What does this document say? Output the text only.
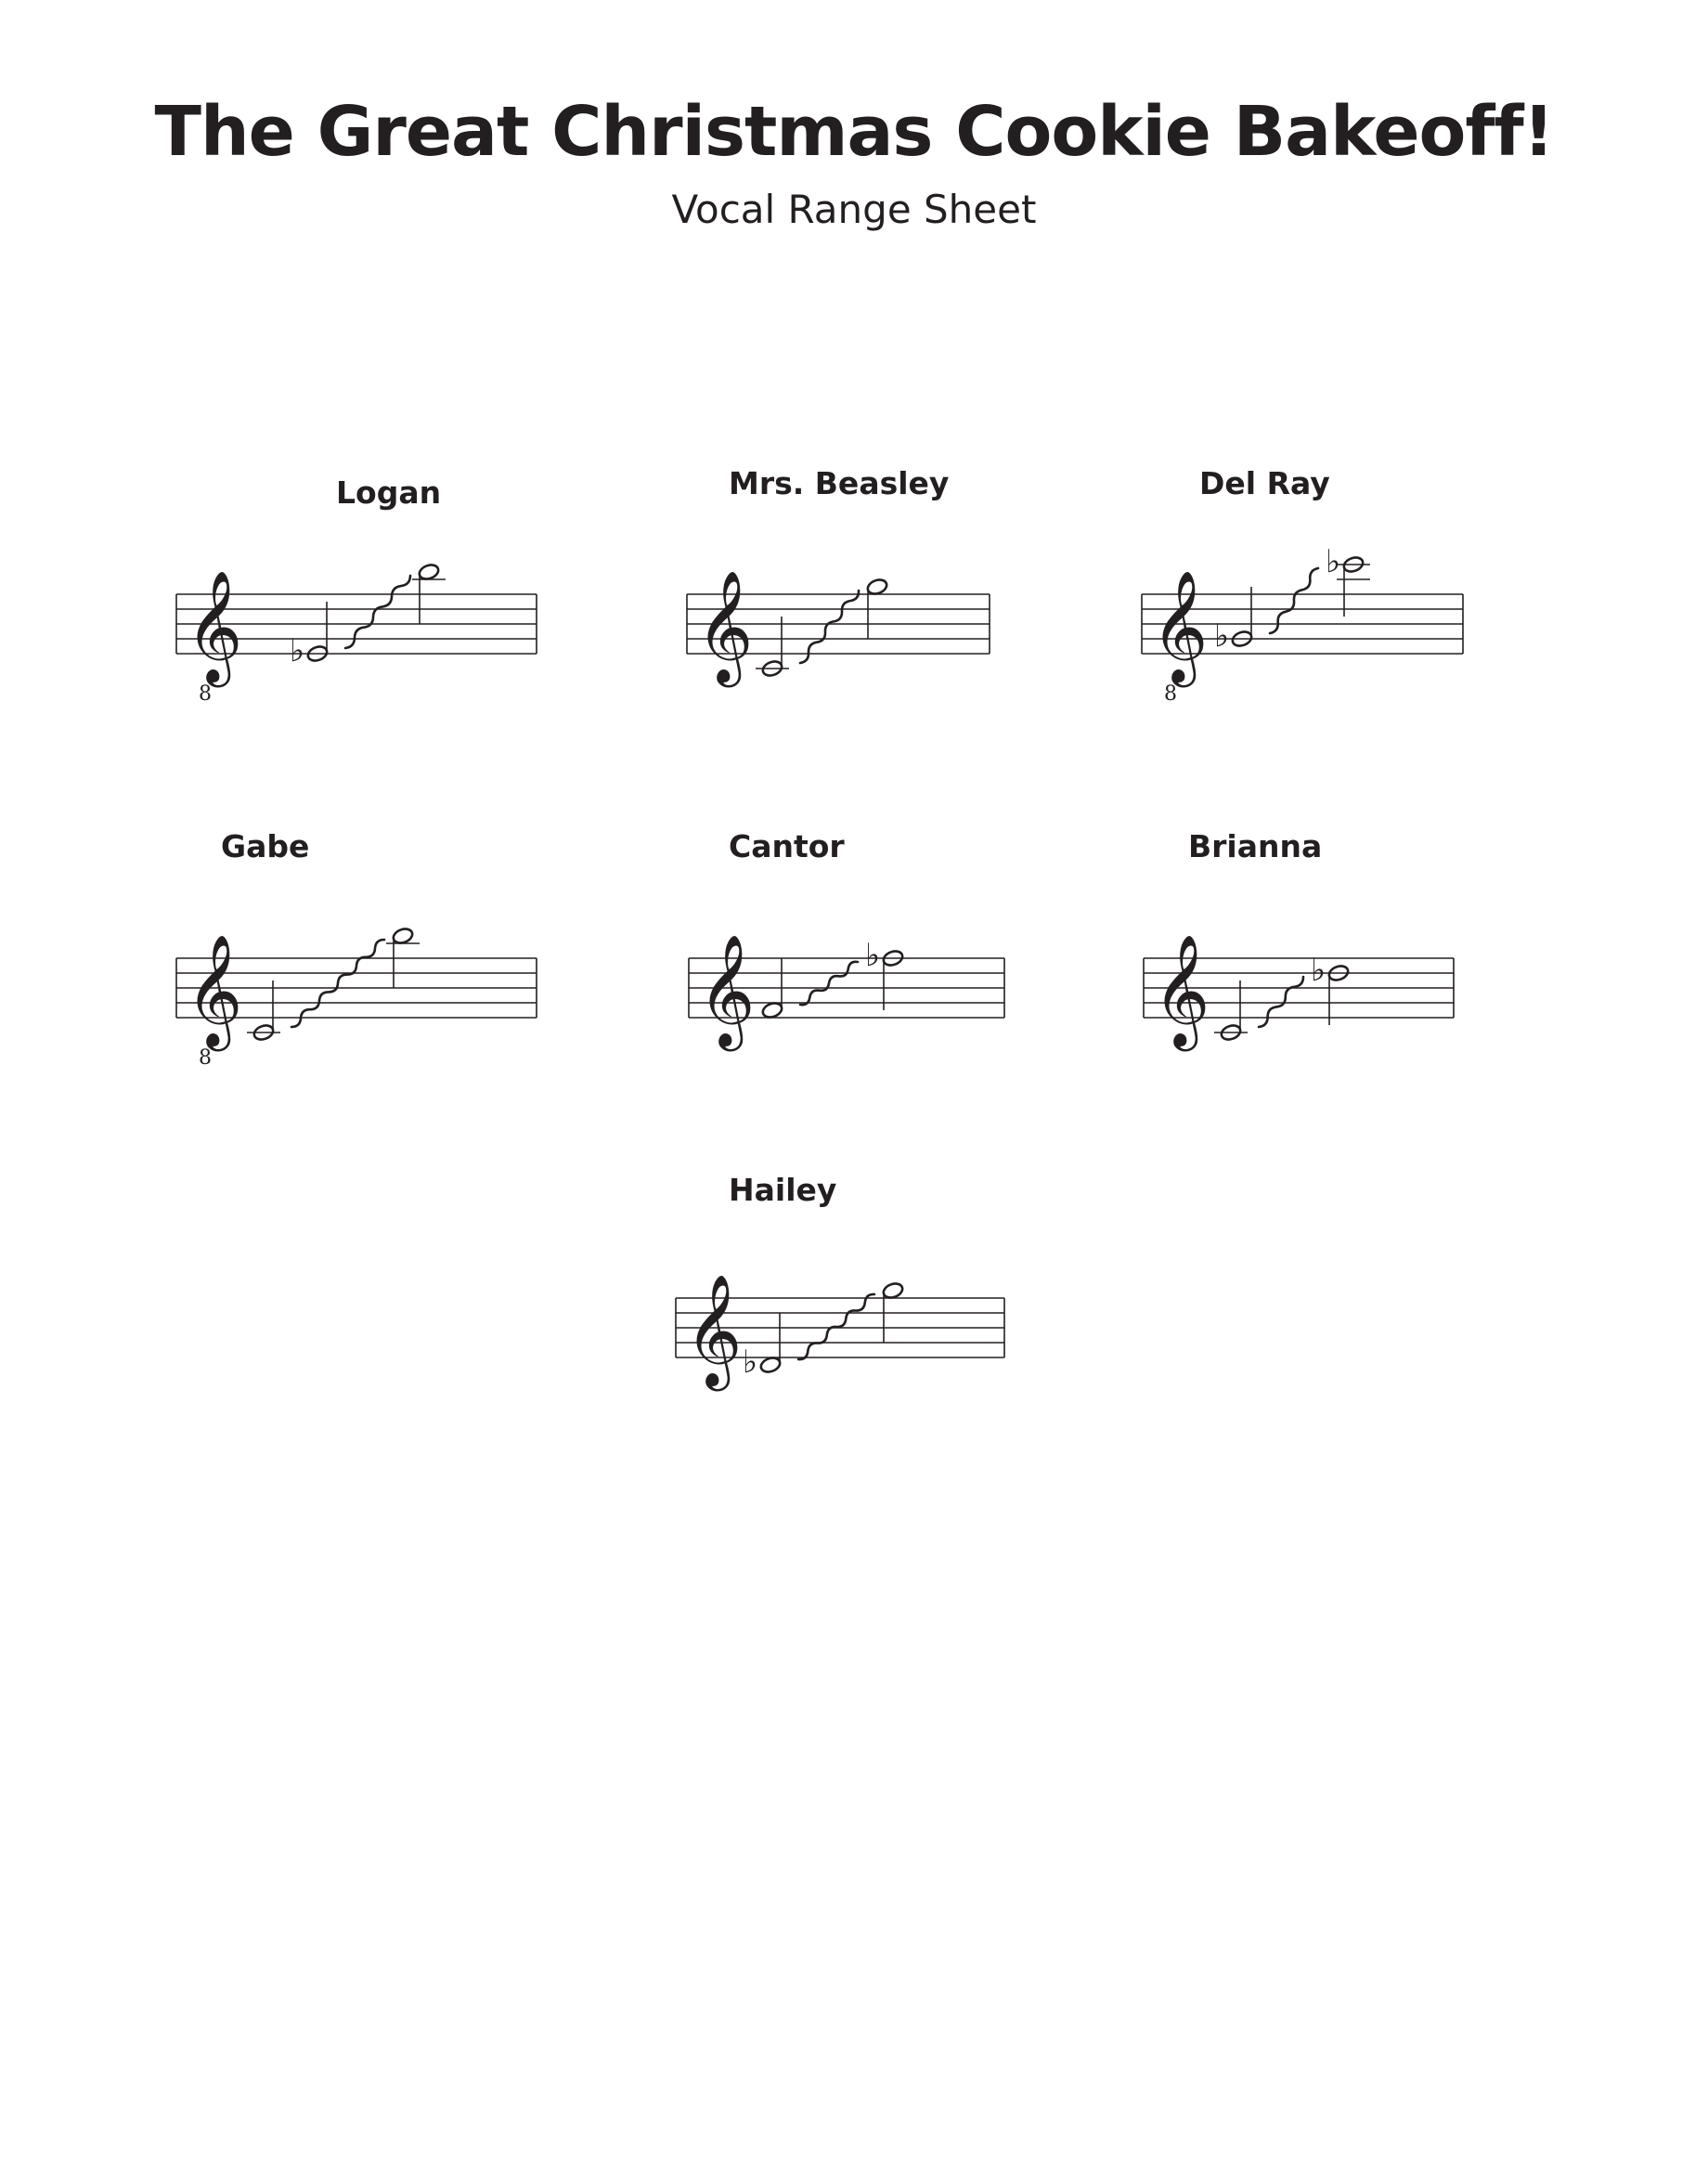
The Great Christmas Cookie Bakeoff!
Vocal Range Sheet
Logan	Mrs. Beasley	Del Ray
Gabe	Cantor	Brianna
Hailey
𝄞
8
♭	𝄞	𝄞
8
♭
♭
𝄞
8
𝄞	♭	𝄞	♭
𝄞 ♭
